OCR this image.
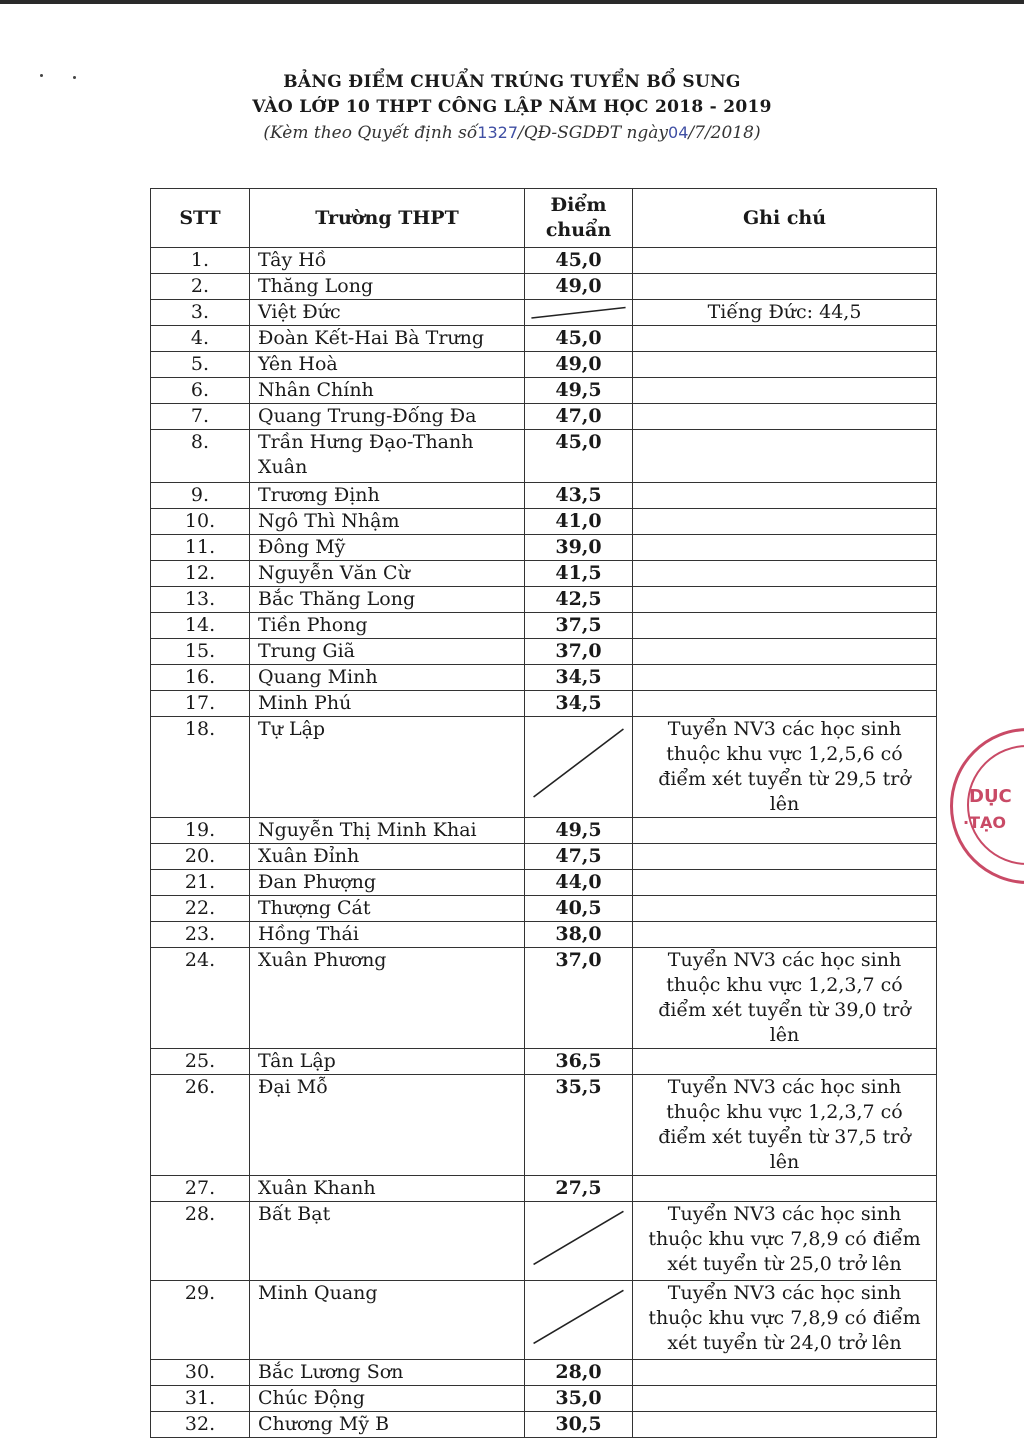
BẢNG ĐIỂM CHUẨN TRÚNG TUYỂN BỔ SUNG
VÀO LỚP 10 THPT CÔNG LẬP NĂM HỌC 2018 - 2019
(Kèm theo Quyết định số1327/QĐ-SGDĐT ngày04/7/2018)
STT	Trường THPT	Điểm chuẩn	Ghi chú
1.	Tây Hồ	45,0	
2.	Thăng Long	49,0	
3.	Việt Đức		Tiếng Đức: 44,5
4.	Đoàn Kết-Hai Bà Trưng	45,0	
5.	Yên Hoà	49,0	
6.	Nhân Chính	49,5	
7.	Quang Trung-Đống Đa	47,0	
8.	Trần Hưng Đạo-Thanh Xuân	45,0	
9.	Trương Định	43,5	
10.	Ngô Thì Nhậm	41,0	
11.	Đông Mỹ	39,0	
12.	Nguyễn Văn Cừ	41,5	
13.	Bắc Thăng Long	42,5	
14.	Tiền Phong	37,5	
15.	Trung Giã	37,0	
16.	Quang Minh	34,5	
17.	Minh Phú	34,5	
18.	Tự Lập		Tuyển NV3 các học sinh thuộc khu vực 1,2,5,6 có điểm xét tuyển từ 29,5 trở lên
19.	Nguyễn Thị Minh Khai	49,5	
20.	Xuân Đỉnh	47,5	
21.	Đan Phượng	44,0	
22.	Thượng Cát	40,5	
23.	Hồng Thái	38,0	
24.	Xuân Phương	37,0	Tuyển NV3 các học sinh thuộc khu vực 1,2,3,7 có điểm xét tuyển từ 39,0 trở lên
25.	Tân Lập	36,5	
26.	Đại Mỗ	35,5	Tuyển NV3 các học sinh thuộc khu vực 1,2,3,7 có điểm xét tuyển từ 37,5 trở lên
27.	Xuân Khanh	27,5	
28.	Bất Bạt		Tuyển NV3 các học sinh thuộc khu vực 7,8,9 có điểm xét tuyển từ 25,0 trở lên
29.	Minh Quang		Tuyển NV3 các học sinh thuộc khu vực 7,8,9 có điểm xét tuyển từ 24,0 trở lên
30.	Bắc Lương Sơn	28,0	
31.	Chúc Động	35,0	
32.	Chương Mỹ B	30,5	
DỤC
·TẠO
